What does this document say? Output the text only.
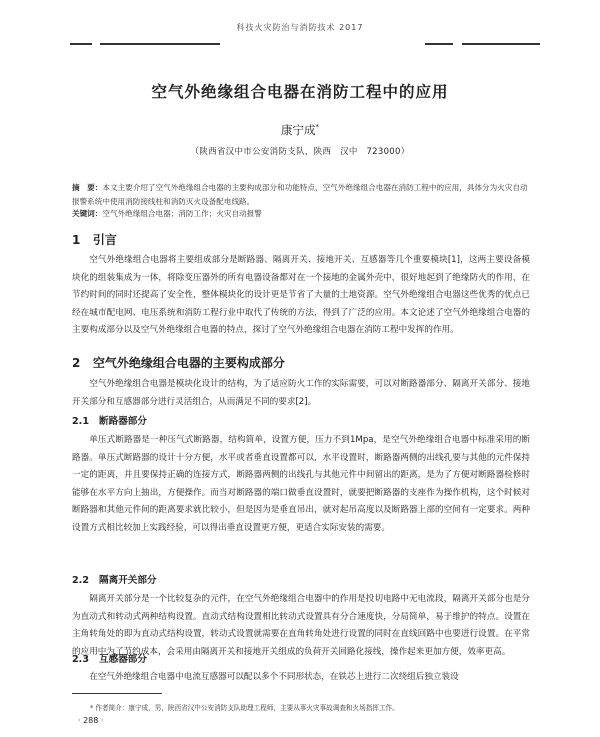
科技火灾防治与消防技术 2017
空气外绝缘组合电器在消防工程中的应用
康宁成*
（陕西省汉中市公安消防支队，陕西　汉中　723000）
摘　要：本文主要介绍了空气外绝缘组合电器的主要构成部分和功能特点，空气外绝缘组合电器在消防工程中的应用，具体分为火灾自动报警系统中使用消防接线柱和消防灭火设备配电线路。
关键词：空气外绝缘组合电器；消防工作；火灾自动报警
1 引言
空气外绝缘组合电器将主要组成部分是断路器、隔离开关、接地开关、互感器等几个重要模块[1]，这两主要设备模块化的组装集成为一体，将除变压器外的所有电器设备都对在一个接地的金属外壳中，很好地起到了绝缘防火的作用，在节约时间的同时还提高了安全性，整体模块化的设计更是节省了大量的土地资源。空气外绝缘组合电器这些优秀的优点已经在城市配电网、电压系统和消防工程行业中取代了传统的方法，得到了广泛的应用。本文论述了空气外绝缘组合电器的主要构成部分以及空气外绝缘组合电器的特点，探讨了空气外绝缘组合电器在消防工程中发挥的作用。
2 空气外绝缘组合电器的主要构成部分
空气外绝缘组合电器是模块化设计的结构，为了适应防火工作的实际需要，可以对断路器部分、隔离开关部分、接地开关部分和互感器部分进行灵活组合，从而满足不同的要求[2]。
2.1 断路器部分
单压式断路器是一种压气式断路器，结构简单，设置方便，压力不到1Mpa，是空气外绝缘组合电器中标准采用的断路器。单压式断路器的设计十分方便，水平或者垂直设置都可以，水平设置时，断路器两侧的出线孔要与其他的元件保持一定的距离，并且要保持正确的连接方式，断路器两侧的出线孔与其他元件中间留出的距离，是为了方便对断路器检修时能够在水平方向上抽出，方便操作。而当对断路器的端口做垂直设置时，就要把断路器的支座作为操作机构，这个时候对断路器和其他元件间的距离要求就比较小，但是因为是垂直吊出，就对起吊高度以及断路器上部的空间有一定要求。两种设置方式相比较加上实践经验，可以得出垂直设置更方便，更适合实际安装的需要。
2.2 隔离开关部分
隔离开关部分是一个比较复杂的元件，在空气外绝缘组合电器中的作用是投切电路中无电流段，隔离开关部分也是分为直动式和转动式两种结构设置。直动式结构设置相比转动式设置具有分合速度快，分局简单，易于维护的特点。设置在主角转角处的即为直动式结构设置，转动式设置就需要在直角转角处进行设置的同时在直线回路中也要进行设置。在平常的应用中为了节约成本，会采用由隔离开关和接地开关组成的负荷开关回路化接线，操作起来更加方便，效率更高。
2.3 互感器部分
在空气外绝缘组合电器中电流互感器可以配以多个不同形状态，在铁芯上进行二次绕组后独立装设
* 作者简介：康宁成，男，陕西省汉中公安消防支队助理工程师，主要从事火灾事故调查和火场指挥工作。
· 288 ·
